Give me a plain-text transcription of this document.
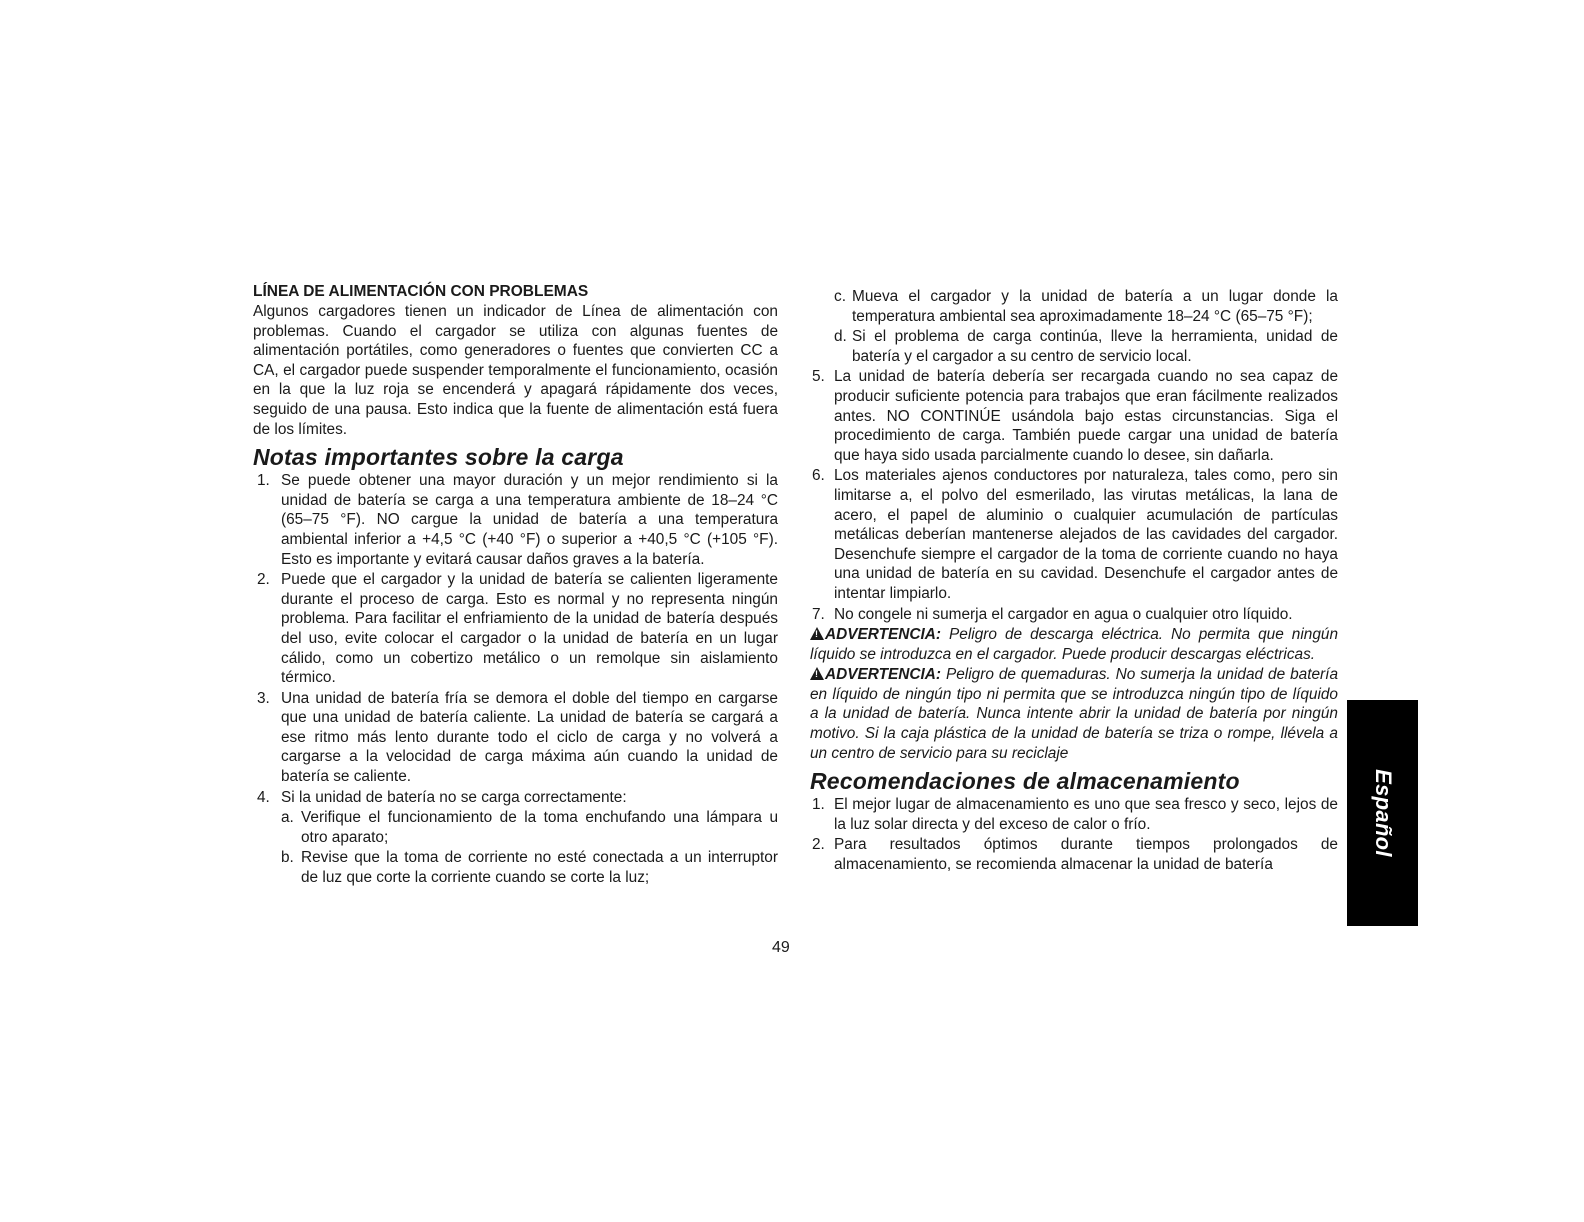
LÍNEA DE ALIMENTACIÓN CON PROBLEMAS

Algunos cargadores tienen un indicador de Línea de alimentación con problemas. Cuando el cargador se utiliza con algunas fuentes de alimentación portátiles, como generadores o fuentes que convierten CC a CA, el cargador puede suspender temporalmente el funcionamiento, ocasión en la que la luz roja se encenderá y apagará rápidamente dos veces, seguido de una pausa. Esto indica que la fuente de alimentación está fuera de los límites.

Notas importantes sobre la carga
1. Se puede obtener una mayor duración y un mejor rendimiento si la unidad de batería se carga a una temperatura ambiente de 18–24 °C (65–75 °F). NO cargue la unidad de batería a una temperatura ambiental inferior a +4,5 °C (+40 °F) o superior a +40,5 °C (+105 °F). Esto es importante y evitará causar daños graves a la batería.
2. Puede que el cargador y la unidad de batería se calienten ligeramente durante el proceso de carga. Esto es normal y no representa ningún problema. Para facilitar el enfriamiento de la unidad de batería después del uso, evite colocar el cargador o la unidad de batería en un lugar cálido, como un cobertizo metálico o un remolque sin aislamiento térmico.
3. Una unidad de batería fría se demora el doble del tiempo en cargarse que una unidad de batería caliente. La unidad de batería se cargará a ese ritmo más lento durante todo el ciclo de carga y no volverá a cargarse a la velocidad de carga máxima aún cuando la unidad de batería se caliente.
4. Si la unidad de batería no se carga correctamente:
a. Verifique el funcionamiento de la toma enchufando una lámpara u otro aparato;
b. Revise que la toma de corriente no esté conectada a un interruptor de luz que corte la corriente cuando se corte la luz;
c. Mueva el cargador y la unidad de batería a un lugar donde la temperatura ambiental sea aproximadamente 18–24 °C (65–75 °F);
d. Si el problema de carga continúa, lleve la herramienta, unidad de batería y el cargador a su centro de servicio local.
5. La unidad de batería debería ser recargada cuando no sea capaz de producir suficiente potencia para trabajos que eran fácilmente realizados antes. NO CONTINÚE usándola bajo estas circunstancias. Siga el procedimiento de carga. También puede cargar una unidad de batería que haya sido usada parcialmente cuando lo desee, sin dañarla.
6. Los materiales ajenos conductores por naturaleza, tales como, pero sin limitarse a, el polvo del esmerilado, las virutas metálicas, la lana de acero, el papel de aluminio o cualquier acumulación de partículas metálicas deberían mantenerse alejados de las cavidades del cargador. Desenchufe siempre el cargador de la toma de corriente cuando no haya una unidad de batería en su cavidad. Desenchufe el cargador antes de intentar limpiarlo.
7. No congele ni sumerja el cargador en agua o cualquier otro líquido.

!ADVERTENCIA: Peligro de descarga eléctrica. No permita que ningún líquido se introduzca en el cargador. Puede producir descargas eléctricas.

!ADVERTENCIA: Peligro de quemaduras. No sumerja la unidad de batería en líquido de ningún tipo ni permita que se introduzca ningún tipo de líquido a la unidad de batería. Nunca intente abrir la unidad de batería por ningún motivo. Si la caja plástica de la unidad de batería se triza o rompe, llévela a un centro de servicio para su reciclaje

Recomendaciones de almacenamiento
1. El mejor lugar de almacenamiento es uno que sea fresco y seco, lejos de la luz solar directa y del exceso de calor o frío.
2. Para resultados óptimos durante tiempos prolongados de almacenamiento, se recomienda almacenar la unidad de batería
49
Español
